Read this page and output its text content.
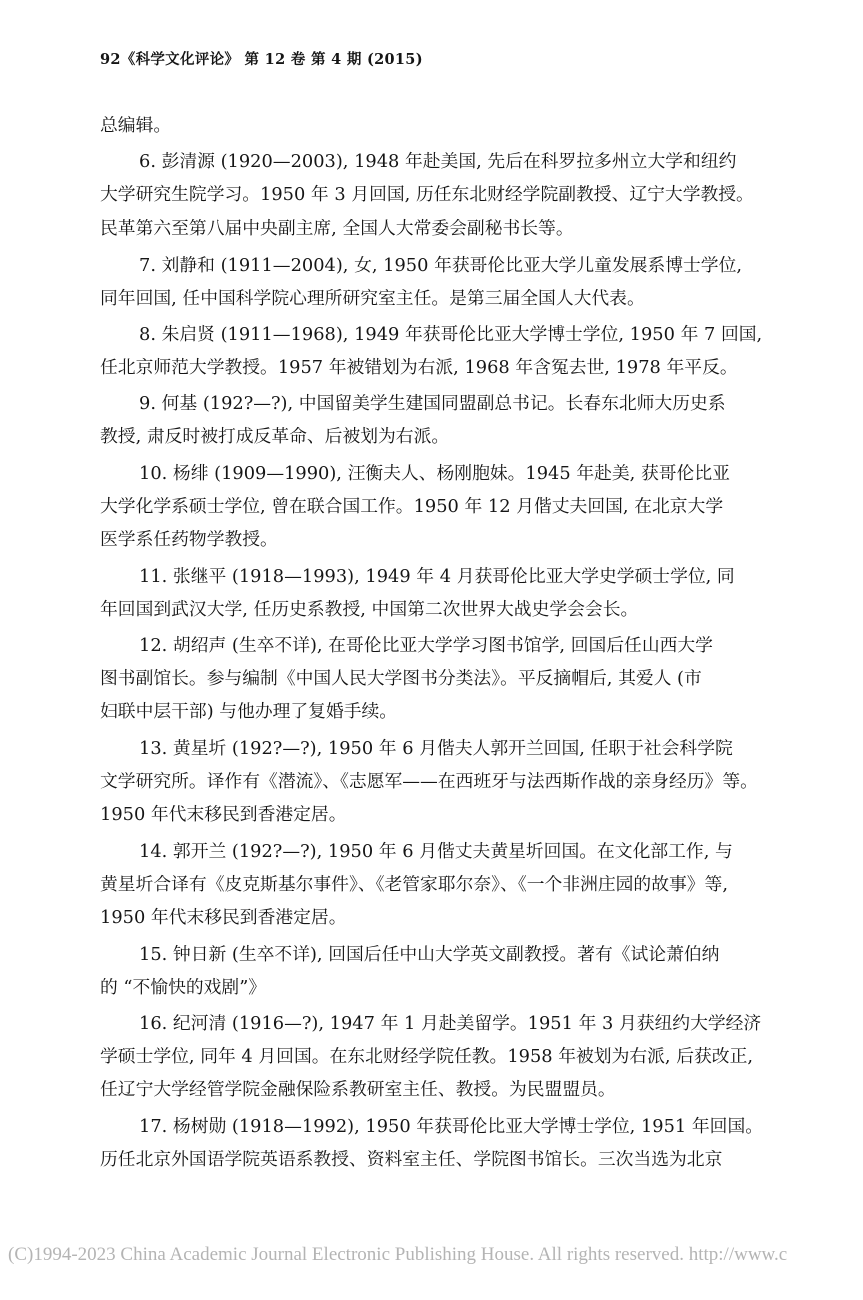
92《科学文化评论》 第 12 卷 第 4 期 (2015)
总编辑。
6. 彭清源 (1920—2003), 1948 年赴美国, 先后在科罗拉多州立大学和纽约
大学研究生院学习。1950 年 3 月回国, 历任东北财经学院副教授、辽宁大学教授。
民革第六至第八届中央副主席, 全国人大常委会副秘书长等。
7. 刘静和 (1911—2004), 女, 1950 年获哥伦比亚大学儿童发展系博士学位,
同年回国, 任中国科学院心理所研究室主任。是第三届全国人大代表。
8. 朱启贤 (1911—1968), 1949 年获哥伦比亚大学博士学位, 1950 年 7 回国,
任北京师范大学教授。1957 年被错划为右派, 1968 年含冤去世, 1978 年平反。
9. 何基 (192?—?), 中国留美学生建国同盟副总书记。长春东北师大历史系
教授, 肃反时被打成反革命、后被划为右派。
10. 杨绯 (1909—1990), 汪衡夫人、杨刚胞妹。1945 年赴美, 获哥伦比亚
大学化学系硕士学位, 曾在联合国工作。1950 年 12 月偕丈夫回国, 在北京大学
医学系任药物学教授。
11. 张继平 (1918—1993), 1949 年 4 月获哥伦比亚大学史学硕士学位, 同
年回国到武汉大学, 任历史系教授, 中国第二次世界大战史学会会长。
12. 胡绍声 (生卒不详), 在哥伦比亚大学学习图书馆学, 回国后任山西大学
图书副馆长。参与编制《中国人民大学图书分类法》。平反摘帽后, 其爱人 (市
妇联中层干部) 与他办理了复婚手续。
13. 黄星圻 (192?—?), 1950 年 6 月偕夫人郭开兰回国, 任职于社会科学院
文学研究所。译作有《潜流》、《志愿军——在西班牙与法西斯作战的亲身经历》等。
1950 年代末移民到香港定居。
14. 郭开兰 (192?—?), 1950 年 6 月偕丈夫黄星圻回国。在文化部工作, 与
黄星圻合译有《皮克斯基尔事件》、《老管家耶尔奈》、《一个非洲庄园的故事》等,
1950 年代末移民到香港定居。
15. 钟日新 (生卒不详), 回国后任中山大学英文副教授。著有《试论萧伯纳
的 “不愉快的戏剧”》
16. 纪河清 (1916—?), 1947 年 1 月赴美留学。1951 年 3 月获纽约大学经济
学硕士学位, 同年 4 月回国。在东北财经学院任教。1958 年被划为右派, 后获改正,
任辽宁大学经管学院金融保险系教研室主任、教授。为民盟盟员。
17. 杨树勋 (1918—1992), 1950 年获哥伦比亚大学博士学位, 1951 年回国。
历任北京外国语学院英语系教授、资料室主任、学院图书馆长。三次当选为北京
(C)1994-2023 China Academic Journal Electronic Publishing House. All rights reserved. http://www.c
